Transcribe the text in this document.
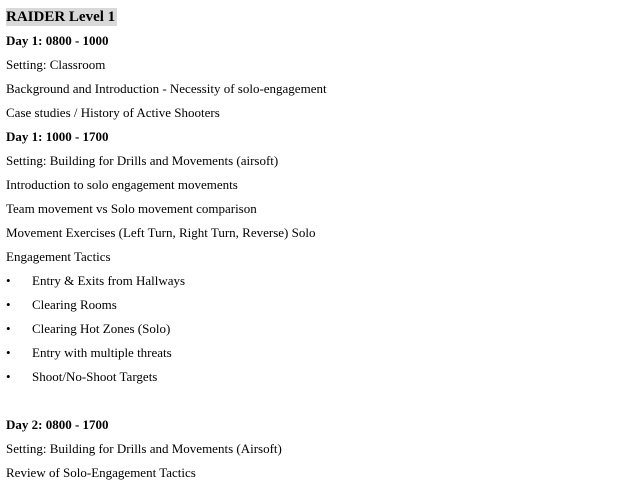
RAIDER Level 1
Day 1: 0800 - 1000
Setting: Classroom
Background and Introduction - Necessity of solo-engagement
Case studies / History of Active Shooters
Day 1: 1000 - 1700
Setting: Building for Drills and Movements (airsoft)
Introduction to solo engagement movements
Team movement vs Solo movement comparison
Movement Exercises (Left Turn, Right Turn, Reverse) Solo
Engagement Tactics
•	Entry & Exits from Hallways
•	Clearing Rooms
•	Clearing Hot Zones (Solo)
•	Entry with multiple threats
•	Shoot/No-Shoot Targets
Day 2: 0800 - 1700
Setting: Building for Drills and Movements (Airsoft)
Review of Solo-Engagement Tactics
